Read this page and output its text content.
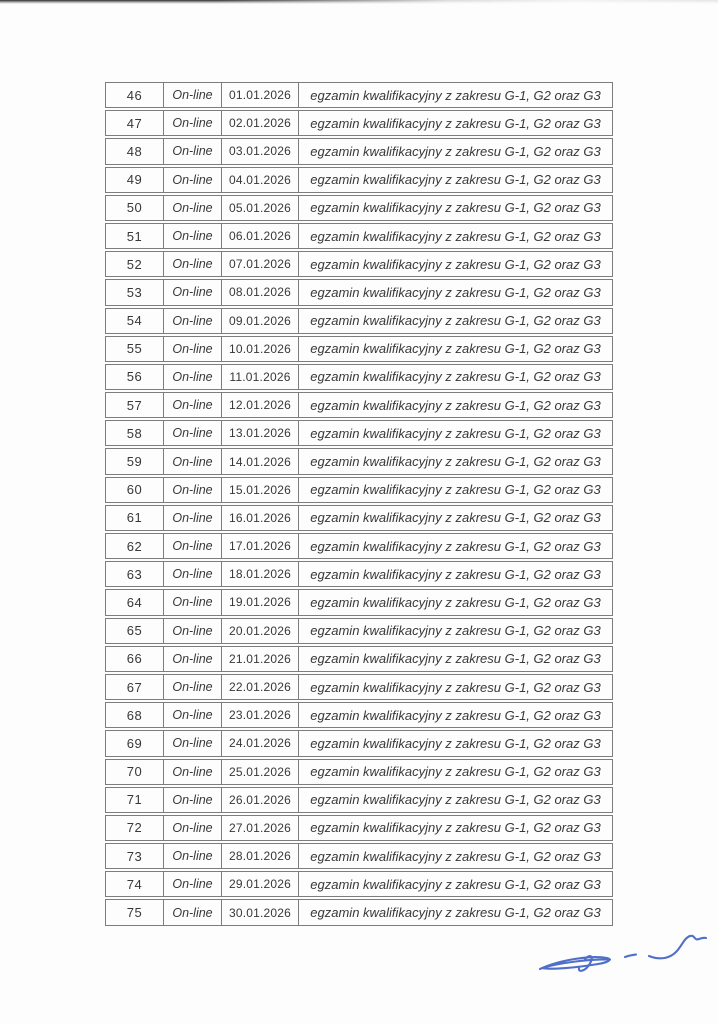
46	On-line	01.01.2026	egzamin kwalifikacyjny z zakresu G-1, G2 oraz G3
47	On-line	02.01.2026	egzamin kwalifikacyjny z zakresu G-1, G2 oraz G3
48	On-line	03.01.2026	egzamin kwalifikacyjny z zakresu G-1, G2 oraz G3
49	On-line	04.01.2026	egzamin kwalifikacyjny z zakresu G-1, G2 oraz G3
50	On-line	05.01.2026	egzamin kwalifikacyjny z zakresu G-1, G2 oraz G3
51	On-line	06.01.2026	egzamin kwalifikacyjny z zakresu G-1, G2 oraz G3
52	On-line	07.01.2026	egzamin kwalifikacyjny z zakresu G-1, G2 oraz G3
53	On-line	08.01.2026	egzamin kwalifikacyjny z zakresu G-1, G2 oraz G3
54	On-line	09.01.2026	egzamin kwalifikacyjny z zakresu G-1, G2 oraz G3
55	On-line	10.01.2026	egzamin kwalifikacyjny z zakresu G-1, G2 oraz G3
56	On-line	11.01.2026	egzamin kwalifikacyjny z zakresu G-1, G2 oraz G3
57	On-line	12.01.2026	egzamin kwalifikacyjny z zakresu G-1, G2 oraz G3
58	On-line	13.01.2026	egzamin kwalifikacyjny z zakresu G-1, G2 oraz G3
59	On-line	14.01.2026	egzamin kwalifikacyjny z zakresu G-1, G2 oraz G3
60	On-line	15.01.2026	egzamin kwalifikacyjny z zakresu G-1, G2 oraz G3
61	On-line	16.01.2026	egzamin kwalifikacyjny z zakresu G-1, G2 oraz G3
62	On-line	17.01.2026	egzamin kwalifikacyjny z zakresu G-1, G2 oraz G3
63	On-line	18.01.2026	egzamin kwalifikacyjny z zakresu G-1, G2 oraz G3
64	On-line	19.01.2026	egzamin kwalifikacyjny z zakresu G-1, G2 oraz G3
65	On-line	20.01.2026	egzamin kwalifikacyjny z zakresu G-1, G2 oraz G3
66	On-line	21.01.2026	egzamin kwalifikacyjny z zakresu G-1, G2 oraz G3
67	On-line	22.01.2026	egzamin kwalifikacyjny z zakresu G-1, G2 oraz G3
68	On-line	23.01.2026	egzamin kwalifikacyjny z zakresu G-1, G2 oraz G3
69	On-line	24.01.2026	egzamin kwalifikacyjny z zakresu G-1, G2 oraz G3
70	On-line	25.01.2026	egzamin kwalifikacyjny z zakresu G-1, G2 oraz G3
71	On-line	26.01.2026	egzamin kwalifikacyjny z zakresu G-1, G2 oraz G3
72	On-line	27.01.2026	egzamin kwalifikacyjny z zakresu G-1, G2 oraz G3
73	On-line	28.01.2026	egzamin kwalifikacyjny z zakresu G-1, G2 oraz G3
74	On-line	29.01.2026	egzamin kwalifikacyjny z zakresu G-1, G2 oraz G3
75	On-line	30.01.2026	egzamin kwalifikacyjny z zakresu G-1, G2 oraz G3
